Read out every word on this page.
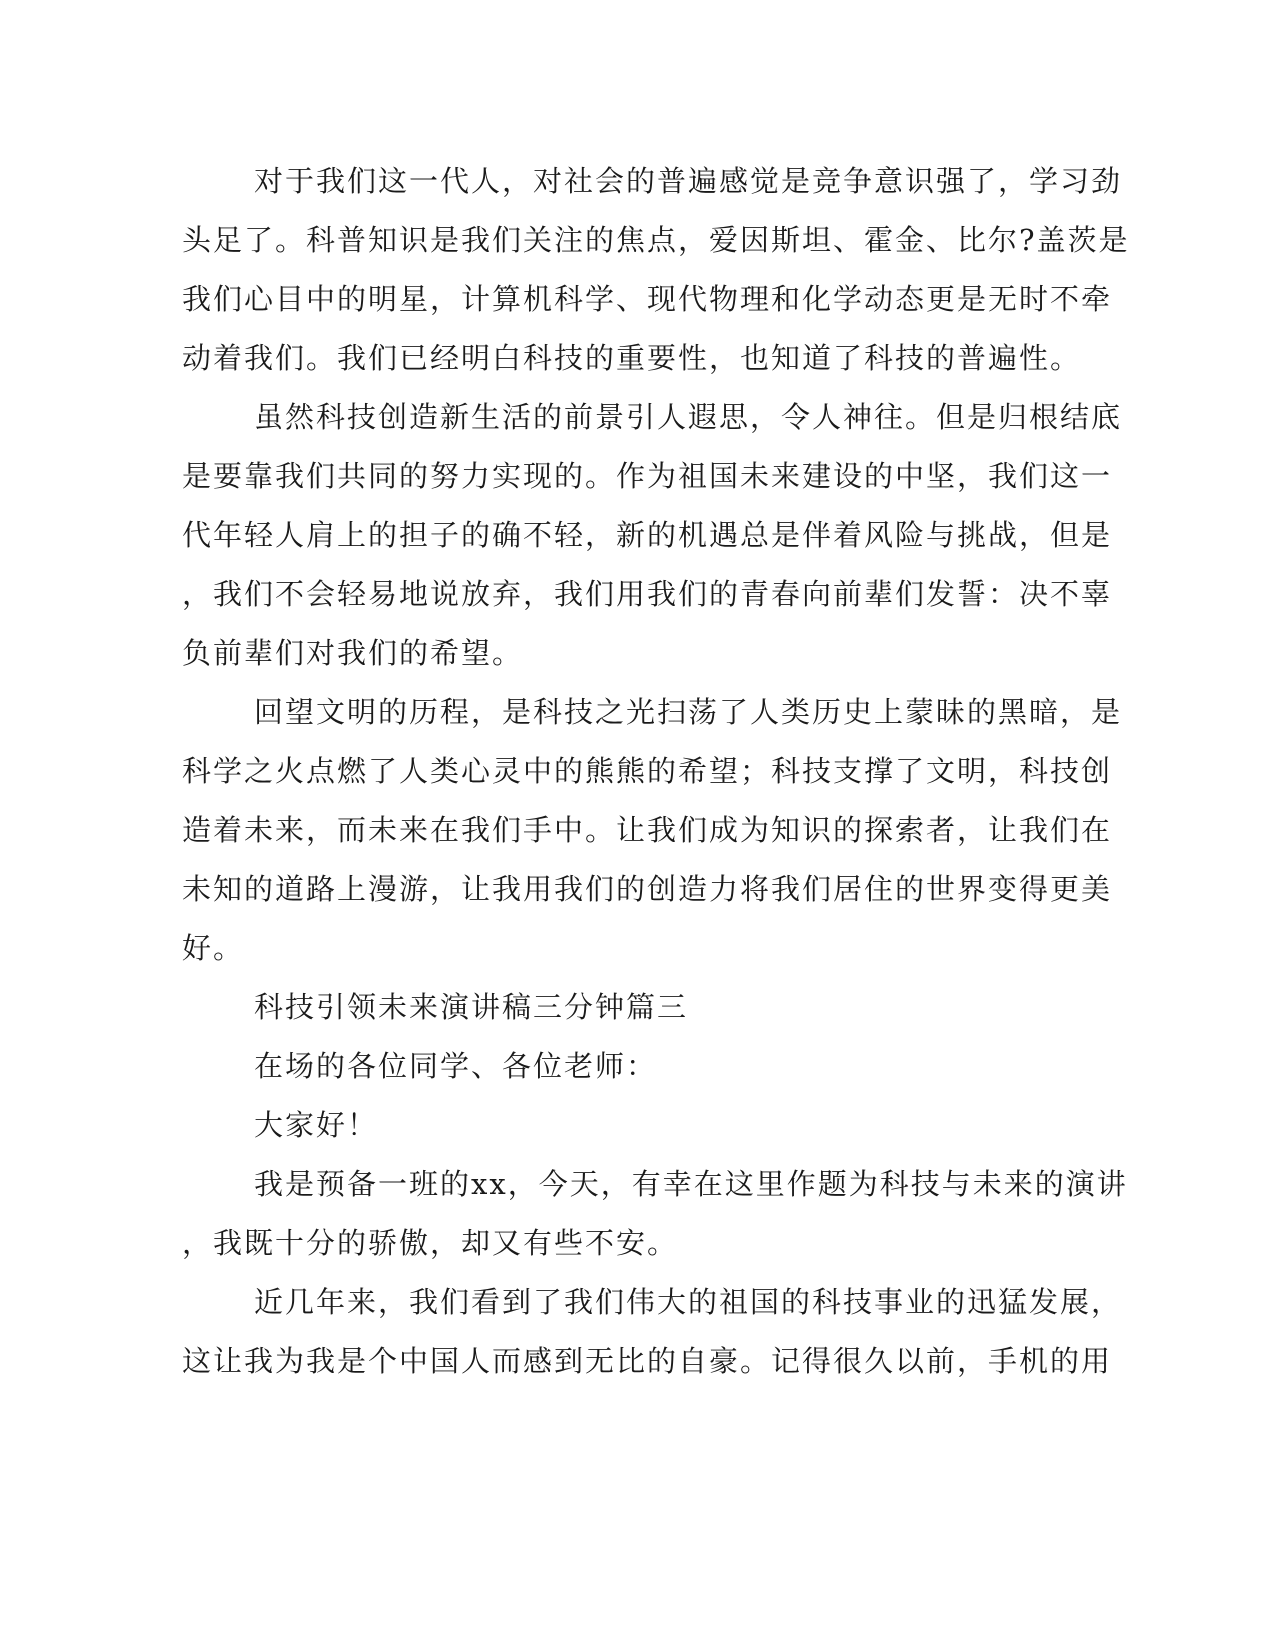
对于我们这一代人，对社会的普遍感觉是竞争意识强了，学习劲
头足了。科普知识是我们关注的焦点，爱因斯坦、霍金、比尔?盖茨是
我们心目中的明星，计算机科学、现代物理和化学动态更是无时不牵
动着我们。我们已经明白科技的重要性，也知道了科技的普遍性。
虽然科技创造新生活的前景引人遐思，令人神往。但是归根结底
是要靠我们共同的努力实现的。作为祖国未来建设的中坚，我们这一
代年轻人肩上的担子的确不轻，新的机遇总是伴着风险与挑战，但是
，我们不会轻易地说放弃，我们用我们的青春向前辈们发誓：决不辜
负前辈们对我们的希望。
回望文明的历程，是科技之光扫荡了人类历史上蒙昧的黑暗，是
科学之火点燃了人类心灵中的熊熊的希望；科技支撑了文明，科技创
造着未来，而未来在我们手中。让我们成为知识的探索者，让我们在
未知的道路上漫游，让我用我们的创造力将我们居住的世界变得更美
好。
科技引领未来演讲稿三分钟篇三
在场的各位同学、各位老师：
大家好！
我是预备一班的xx，今天，有幸在这里作题为科技与未来的演讲
，我既十分的骄傲，却又有些不安。
近几年来，我们看到了我们伟大的祖国的科技事业的迅猛发展，
这让我为我是个中国人而感到无比的自豪。记得很久以前，手机的用
